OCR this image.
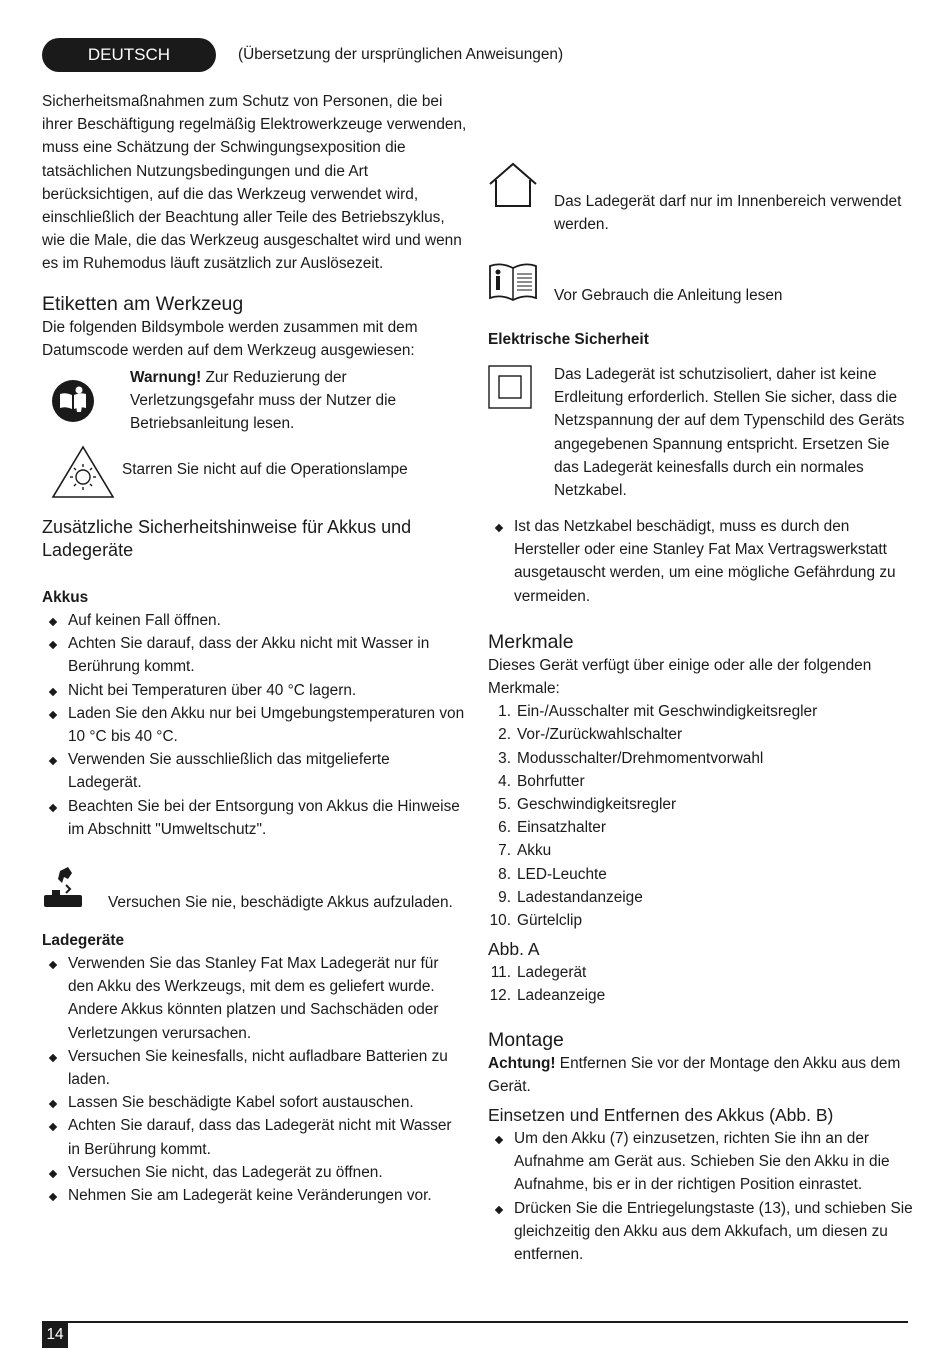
DEUTSCH	(Übersetzung der ursprünglichen Anweisungen)

Sicherheitsmaßnahmen zum Schutz von Personen, die bei ihrer Beschäftigung regelmäßig Elektrowerkzeuge verwenden, muss eine Schätzung der Schwingungsexposition die tatsächlichen Nutzungsbedingungen und die Art berücksichtigen, auf die das Werkzeug verwendet wird, einschließlich der Beachtung aller Teile des Betriebszyklus, wie die Male, die das Werkzeug ausgeschaltet wird und wenn es im Ruhemodus läuft zusätzlich zur Auslösezeit.

Etiketten am Werkzeug

Die folgenden Bildsymbole werden zusammen mit dem Datumscode werden auf dem Werkzeug ausgewiesen:

Warnung! Zur Reduzierung der Verletzungsgefahr muss der Nutzer die Betriebsanleitung lesen.

Starren Sie nicht auf die Operationslampe

Zusätzliche Sicherheitshinweise für Akkus und Ladegeräte
Akkus
Auf keinen Fall öffnen.
Achten Sie darauf, dass der Akku nicht mit Wasser in Berührung kommt.
Nicht bei Temperaturen über 40 °C lagern.
Laden Sie den Akku nur bei Umgebungstemperaturen von 10 °C bis 40 °C.
Verwenden Sie ausschließlich das mitgelieferte Ladegerät.
Beachten Sie bei der Entsorgung von Akkus die Hinweise im Abschnitt "Umweltschutz".

Versuchen Sie nie, beschädigte Akkus aufzuladen.

Ladegeräte
Verwenden Sie das Stanley Fat Max Ladegerät nur für den Akku des Werkzeugs, mit dem es geliefert wurde. Andere Akkus könnten platzen und Sachschäden oder Verletzungen verursachen.
Versuchen Sie keinesfalls, nicht aufladbare Batterien zu laden.
Lassen Sie beschädigte Kabel sofort austauschen.
Achten Sie darauf, dass das Ladegerät nicht mit Wasser in Berührung kommt.
Versuchen Sie nicht, das Ladegerät zu öffnen.
Nehmen Sie am Ladegerät keine Veränderungen vor.

Das Ladegerät darf nur im Innenbereich verwendet werden.

Vor Gebrauch die Anleitung lesen

Elektrische Sicherheit

Das Ladegerät ist schutzisoliert, daher ist keine Erdleitung erforderlich. Stellen Sie sicher, dass die Netzspannung der auf dem Typenschild des Geräts angegebenen Spannung entspricht. Ersetzen Sie das Ladegerät keinesfalls durch ein normales Netzkabel.

Ist das Netzkabel beschädigt, muss es durch den Hersteller oder eine Stanley Fat Max Vertragswerkstatt ausgetauscht werden, um eine mögliche Gefährdung zu vermeiden.
Merkmale

Dieses Gerät verfügt über einige oder alle der folgenden Merkmale:

1. Ein-/Ausschalter mit Geschwindigkeitsregler
2. Vor-/Zurückwahlschalter
3. Modusschalter/Drehmomentvorwahl
4. Bohrfutter
5. Geschwindigkeitsregler
6. Einsatzhalter
7. Akku
8. LED-Leuchte
9. Ladestandanzeige
10. Gürtelclip
Abb. A
11. Ladegerät
12. Ladeanzeige
Montage

Achtung! Entfernen Sie vor der Montage den Akku aus dem Gerät.

Einsetzen und Entfernen des Akkus (Abb. B)
Um den Akku (7) einzusetzen, richten Sie ihn an der Aufnahme am Gerät aus. Schieben Sie den Akku in die Aufnahme, bis er in der richtigen Position einrastet.
Drücken Sie die Entriegelungstaste (13), und schieben Sie gleichzeitig den Akku aus dem Akkufach, um diesen zu entfernen.
14
